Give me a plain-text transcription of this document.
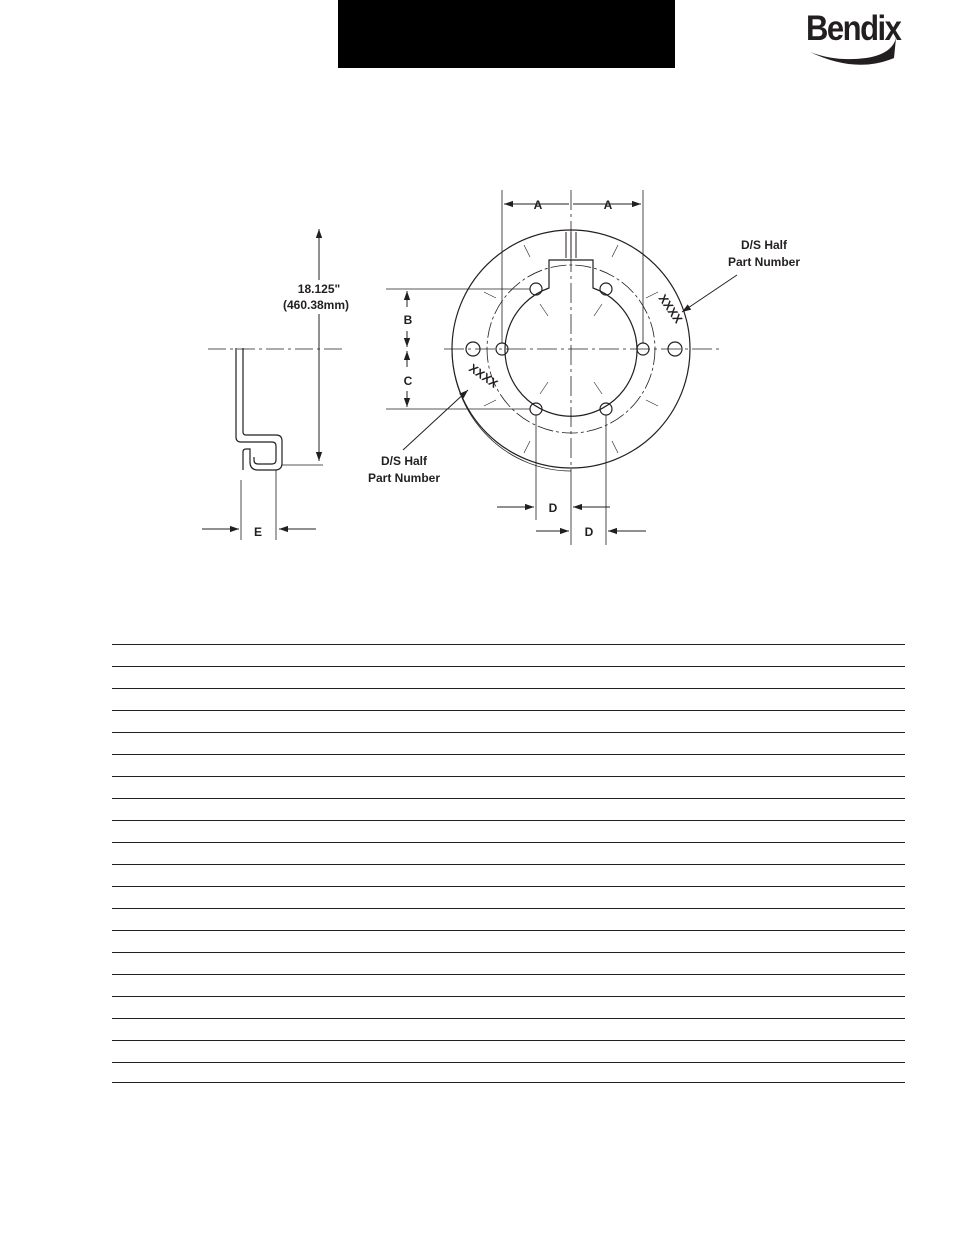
Bendix
18.125"
(460.38mm)
E
A	A
B
C
D
D
D/S Half
Part Number
D/S Half
Part Number
XXXX
XXXX
